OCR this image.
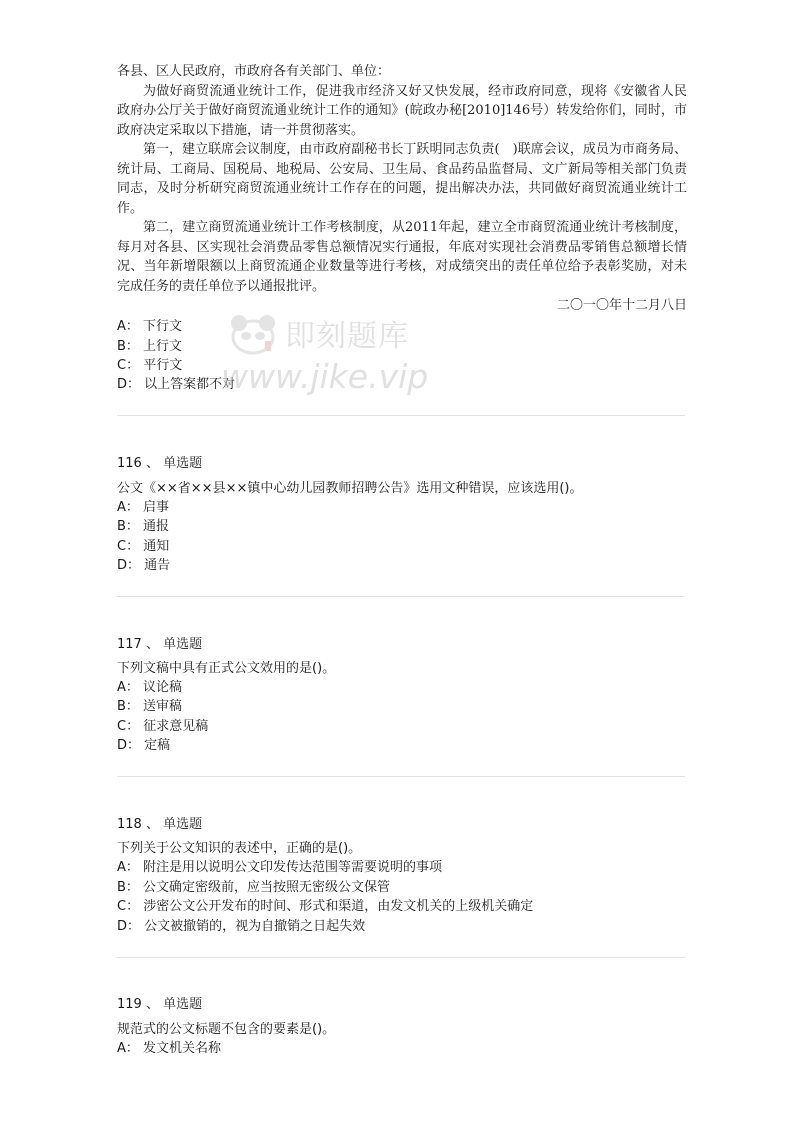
各县、区人民政府，市政府各有关部门、单位：

为做好商贸流通业统计工作，促进我市经济又好又快发展，经市政府同意，现将《安徽省人民政府办公厅关于做好商贸流通业统计工作的通知》(皖政办秘[2010]146号）转发给你们，同时，市政府决定采取以下措施，请一并贯彻落实。

第一，建立联席会议制度，由市政府副秘书长丁跃明同志负责(　)联席会议，成员为市商务局、统计局、工商局、国税局、地税局、公安局、卫生局、食品药品监督局、文广新局等相关部门负责同志，及时分析研究商贸流通业统计工作存在的问题，提出解决办法，共同做好商贸流通业统计工作。

第二，建立商贸流通业统计工作考核制度，从2011年起，建立全市商贸流通业统计考核制度，每月对各县、区实现社会消费品零售总额情况实行通报，年底对实现社会消费品零销售总额增长情况、当年新增限额以上商贸流通企业数量等进行考核，对成绩突出的责任单位给予表彰奖励，对未完成任务的责任单位予以通报批评。

二〇一〇年十二月八日

A： 下行文
B： 上行文
C： 平行文
D： 以上答案都不对
即刻题库
www.jike.vip
116 、 单选题
公文《××省××县××镇中心幼儿园教师招聘公告》选用文种错误，应该选用()。
A： 启事
B： 通报
C： 通知
D： 通告
117 、 单选题
下列文稿中具有正式公文效用的是()。
A： 议论稿
B： 送审稿
C： 征求意见稿
D： 定稿
118 、 单选题
下列关于公文知识的表述中，正确的是()。
A： 附注是用以说明公文印发传达范围等需要说明的事项
B： 公文确定密级前，应当按照无密级公文保管
C： 涉密公文公开发布的时间、形式和渠道，由发文机关的上级机关确定
D： 公文被撤销的，视为自撤销之日起失效
119 、 单选题
规范式的公文标题不包含的要素是()。
A： 发文机关名称
